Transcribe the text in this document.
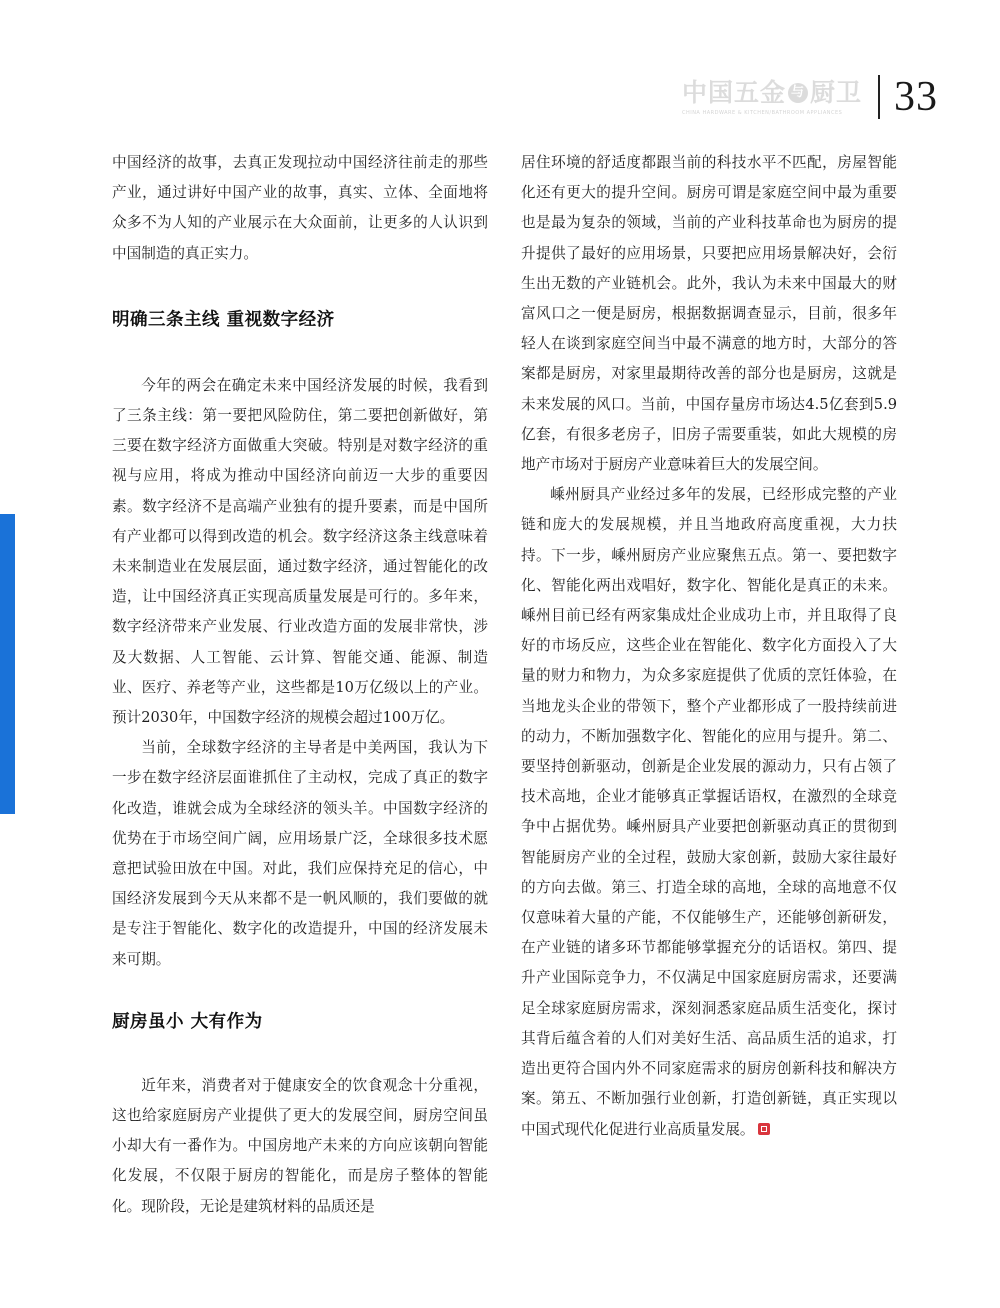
中国五金 与 厨卫
CHINA HARDWARE & KITCHEN/BATHROOM APPLIANCES 33

中国经济的故事，去真正发现拉动中国经济往前走的那些产业，通过讲好中国产业的故事，真实、立体、全面地将众多不为人知的产业展示在大众面前，让更多的人认识到中国制造的真正实力。

明确三条主线 重视数字经济

今年的两会在确定未来中国经济发展的时候，我看到了三条主线：第一要把风险防住，第二要把创新做好，第三要在数字经济方面做重大突破。特别是对数字经济的重视与应用，将成为推动中国经济向前迈一大步的重要因素。数字经济不是高端产业独有的提升要素，而是中国所有产业都可以得到改造的机会。数字经济这条主线意味着未来制造业在发展层面，通过数字经济，通过智能化的改造，让中国经济真正实现高质量发展是可行的。多年来，数字经济带来产业发展、行业改造方面的发展非常快，涉及大数据、人工智能、云计算、智能交通、能源、制造业、医疗、养老等产业，这些都是10万亿级以上的产业。预计2030年，中国数字经济的规模会超过100万亿。

当前，全球数字经济的主导者是中美两国，我认为下一步在数字经济层面谁抓住了主动权，完成了真正的数字化改造，谁就会成为全球经济的领头羊。中国数字经济的优势在于市场空间广阔，应用场景广泛，全球很多技术愿意把试验田放在中国。对此，我们应保持充足的信心，中国经济发展到今天从来都不是一帆风顺的，我们要做的就是专注于智能化、数字化的改造提升，中国的经济发展未来可期。

厨房虽小 大有作为

近年来，消费者对于健康安全的饮食观念十分重视，这也给家庭厨房产业提供了更大的发展空间，厨房空间虽小却大有一番作为。中国房地产未来的方向应该朝向智能化发展，不仅限于厨房的智能化，而是房子整体的智能化。现阶段，无论是建筑材料的品质还是

居住环境的舒适度都跟当前的科技水平不匹配，房屋智能化还有更大的提升空间。厨房可谓是家庭空间中最为重要也是最为复杂的领域，当前的产业科技革命也为厨房的提升提供了最好的应用场景，只要把应用场景解决好，会衍生出无数的产业链机会。此外，我认为未来中国最大的财富风口之一便是厨房，根据数据调查显示，目前，很多年轻人在谈到家庭空间当中最不满意的地方时，大部分的答案都是厨房，对家里最期待改善的部分也是厨房，这就是未来发展的风口。当前，中国存量房市场达4.5亿套到5.9亿套，有很多老房子，旧房子需要重装，如此大规模的房地产市场对于厨房产业意味着巨大的发展空间。

嵊州厨具产业经过多年的发展，已经形成完整的产业链和庞大的发展规模，并且当地政府高度重视，大力扶持。下一步，嵊州厨房产业应聚焦五点。第一、要把数字化、智能化两出戏唱好，数字化、智能化是真正的未来。嵊州目前已经有两家集成灶企业成功上市，并且取得了良好的市场反应，这些企业在智能化、数字化方面投入了大量的财力和物力，为众多家庭提供了优质的烹饪体验，在当地龙头企业的带领下，整个产业都形成了一股持续前进的动力，不断加强数字化、智能化的应用与提升。第二、要坚持创新驱动，创新是企业发展的源动力，只有占领了技术高地，企业才能够真正掌握话语权，在激烈的全球竞争中占据优势。嵊州厨具产业要把创新驱动真正的贯彻到智能厨房产业的全过程，鼓励大家创新，鼓励大家往最好的方向去做。第三、打造全球的高地，全球的高地意不仅仅意味着大量的产能，不仅能够生产，还能够创新研发，在产业链的诸多环节都能够掌握充分的话语权。第四、提升产业国际竞争力，不仅满足中国家庭厨房需求，还要满足全球家庭厨房需求，深刻洞悉家庭品质生活变化，探讨其背后蕴含着的人们对美好生活、高品质生活的追求，打造出更符合国内外不同家庭需求的厨房创新科技和解决方案。第五、不断加强行业创新，打造创新链，真正实现以中国式现代化促进行业高质量发展。
